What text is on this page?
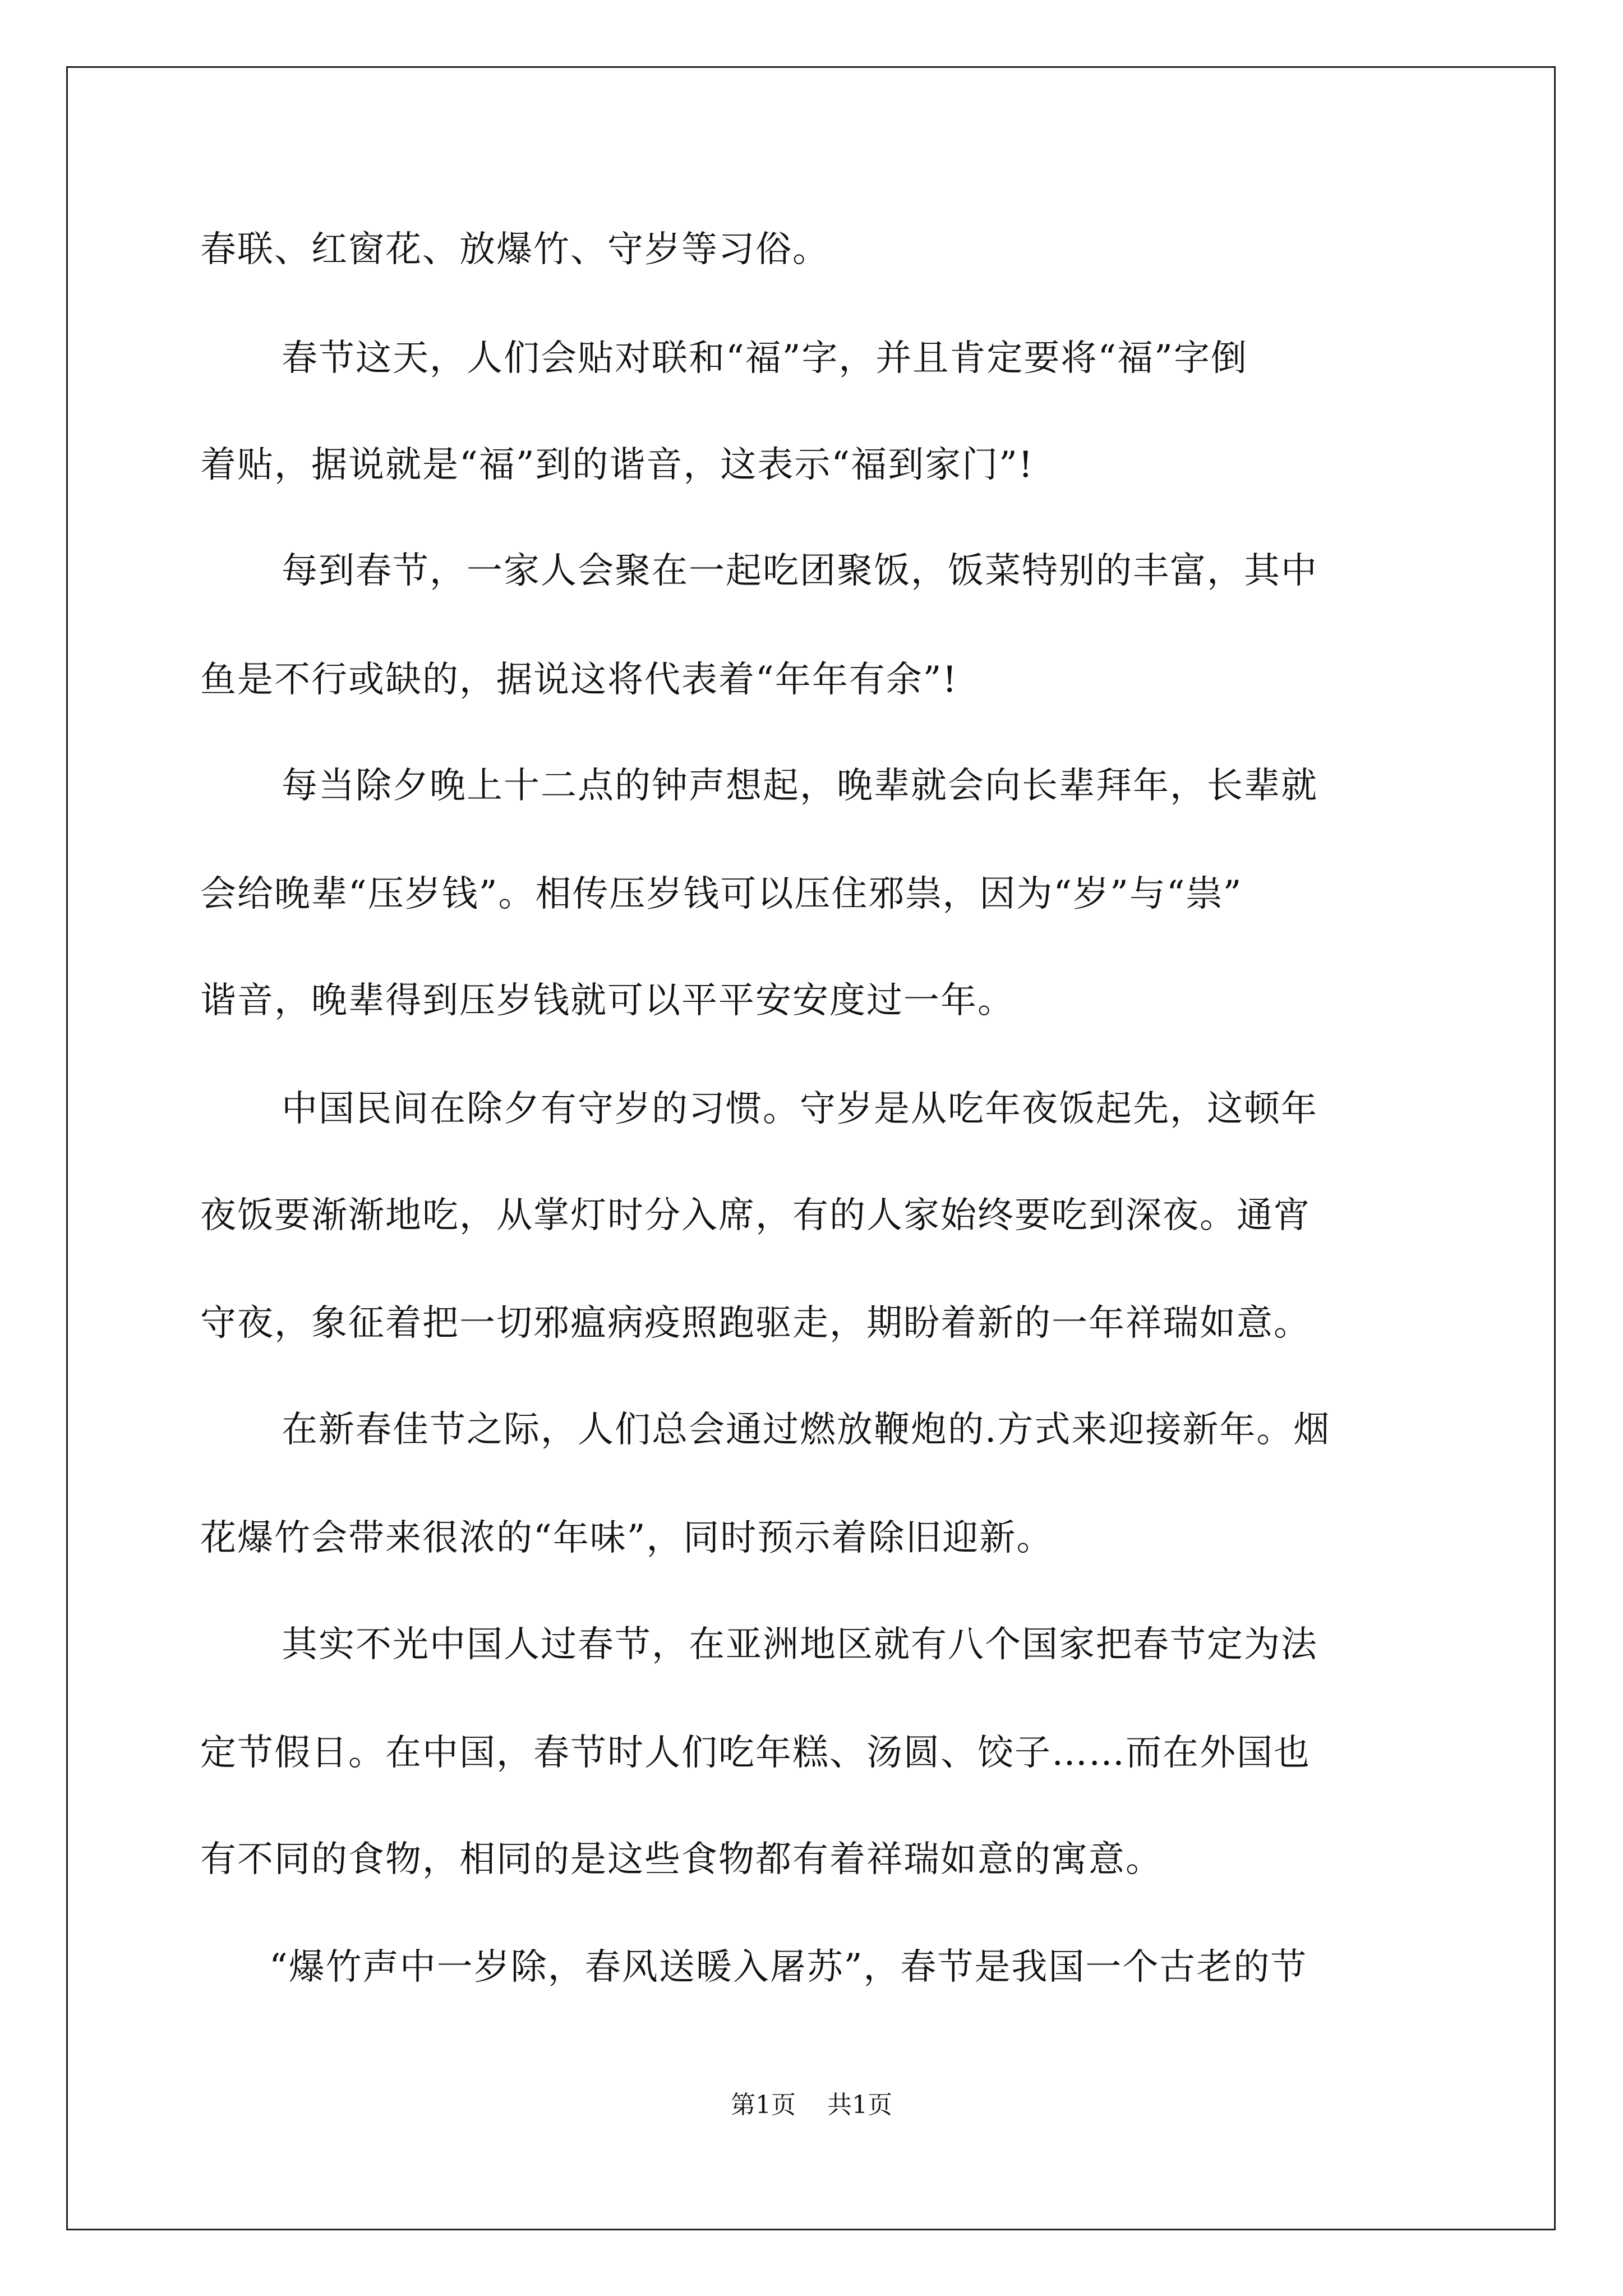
春联、红窗花、放爆竹、守岁等习俗。
春节这天，人们会贴对联和“福”字，并且肯定要将“福”字倒
着贴，据说就是“福”到的谐音，这表示“福到家门”!
每到春节，一家人会聚在一起吃团聚饭，饭菜特别的丰富，其中
鱼是不行或缺的，据说这将代表着“年年有余”!
每当除夕晚上十二点的钟声想起，晚辈就会向长辈拜年，长辈就
会给晚辈“压岁钱”。相传压岁钱可以压住邪祟，因为“岁”与“祟”
谐音，晚辈得到压岁钱就可以平平安安度过一年。
中国民间在除夕有守岁的习惯。守岁是从吃年夜饭起先，这顿年
夜饭要渐渐地吃，从掌灯时分入席，有的人家始终要吃到深夜。通宵
守夜，象征着把一切邪瘟病疫照跑驱走，期盼着新的一年祥瑞如意。
在新春佳节之际，人们总会通过燃放鞭炮的.方式来迎接新年。烟
花爆竹会带来很浓的“年味”，同时预示着除旧迎新。
其实不光中国人过春节，在亚洲地区就有八个国家把春节定为法
定节假日。在中国，春节时人们吃年糕、汤圆、饺子……而在外国也
有不同的食物，相同的是这些食物都有着祥瑞如意的寓意。
“爆竹声中一岁除，春风送暖入屠苏”，春节是我国一个古老的节
第1页    共1页
